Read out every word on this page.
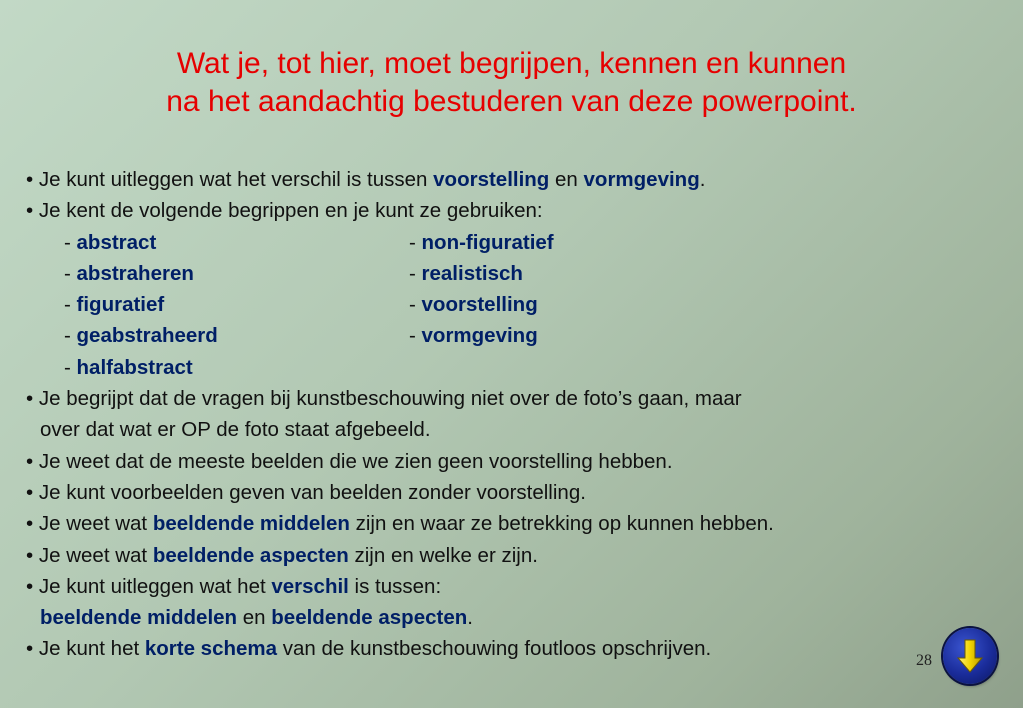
Wat je, tot hier, moet begrijpen, kennen en kunnen
na het aandachtig bestuderen van deze powerpoint.
• Je kunt uitleggen wat het verschil is tussen voorstelling en vormgeving.
• Je kent de volgende begrippen en je kunt ze gebruiken:
- abstract	- non-figuratief
- abstraheren	- realistisch
- figuratief	- voorstelling
- geabstraheerd	- vormgeving
- halfabstract
• Je begrijpt dat de vragen bij kunstbeschouwing niet over de foto’s gaan, maar
over dat wat er OP de foto staat afgebeeld.
• Je weet dat de meeste beelden die we zien geen voorstelling hebben.
• Je kunt voorbeelden geven van beelden zonder voorstelling.
• Je weet wat beeldende middelen zijn en waar ze betrekking op kunnen hebben.
• Je weet wat beeldende aspecten zijn en welke er zijn.
• Je kunt uitleggen wat het verschil is tussen:
beeldende middelen en beeldende aspecten.
• Je kunt het korte schema van de kunstbeschouwing foutloos opschrijven.
28
